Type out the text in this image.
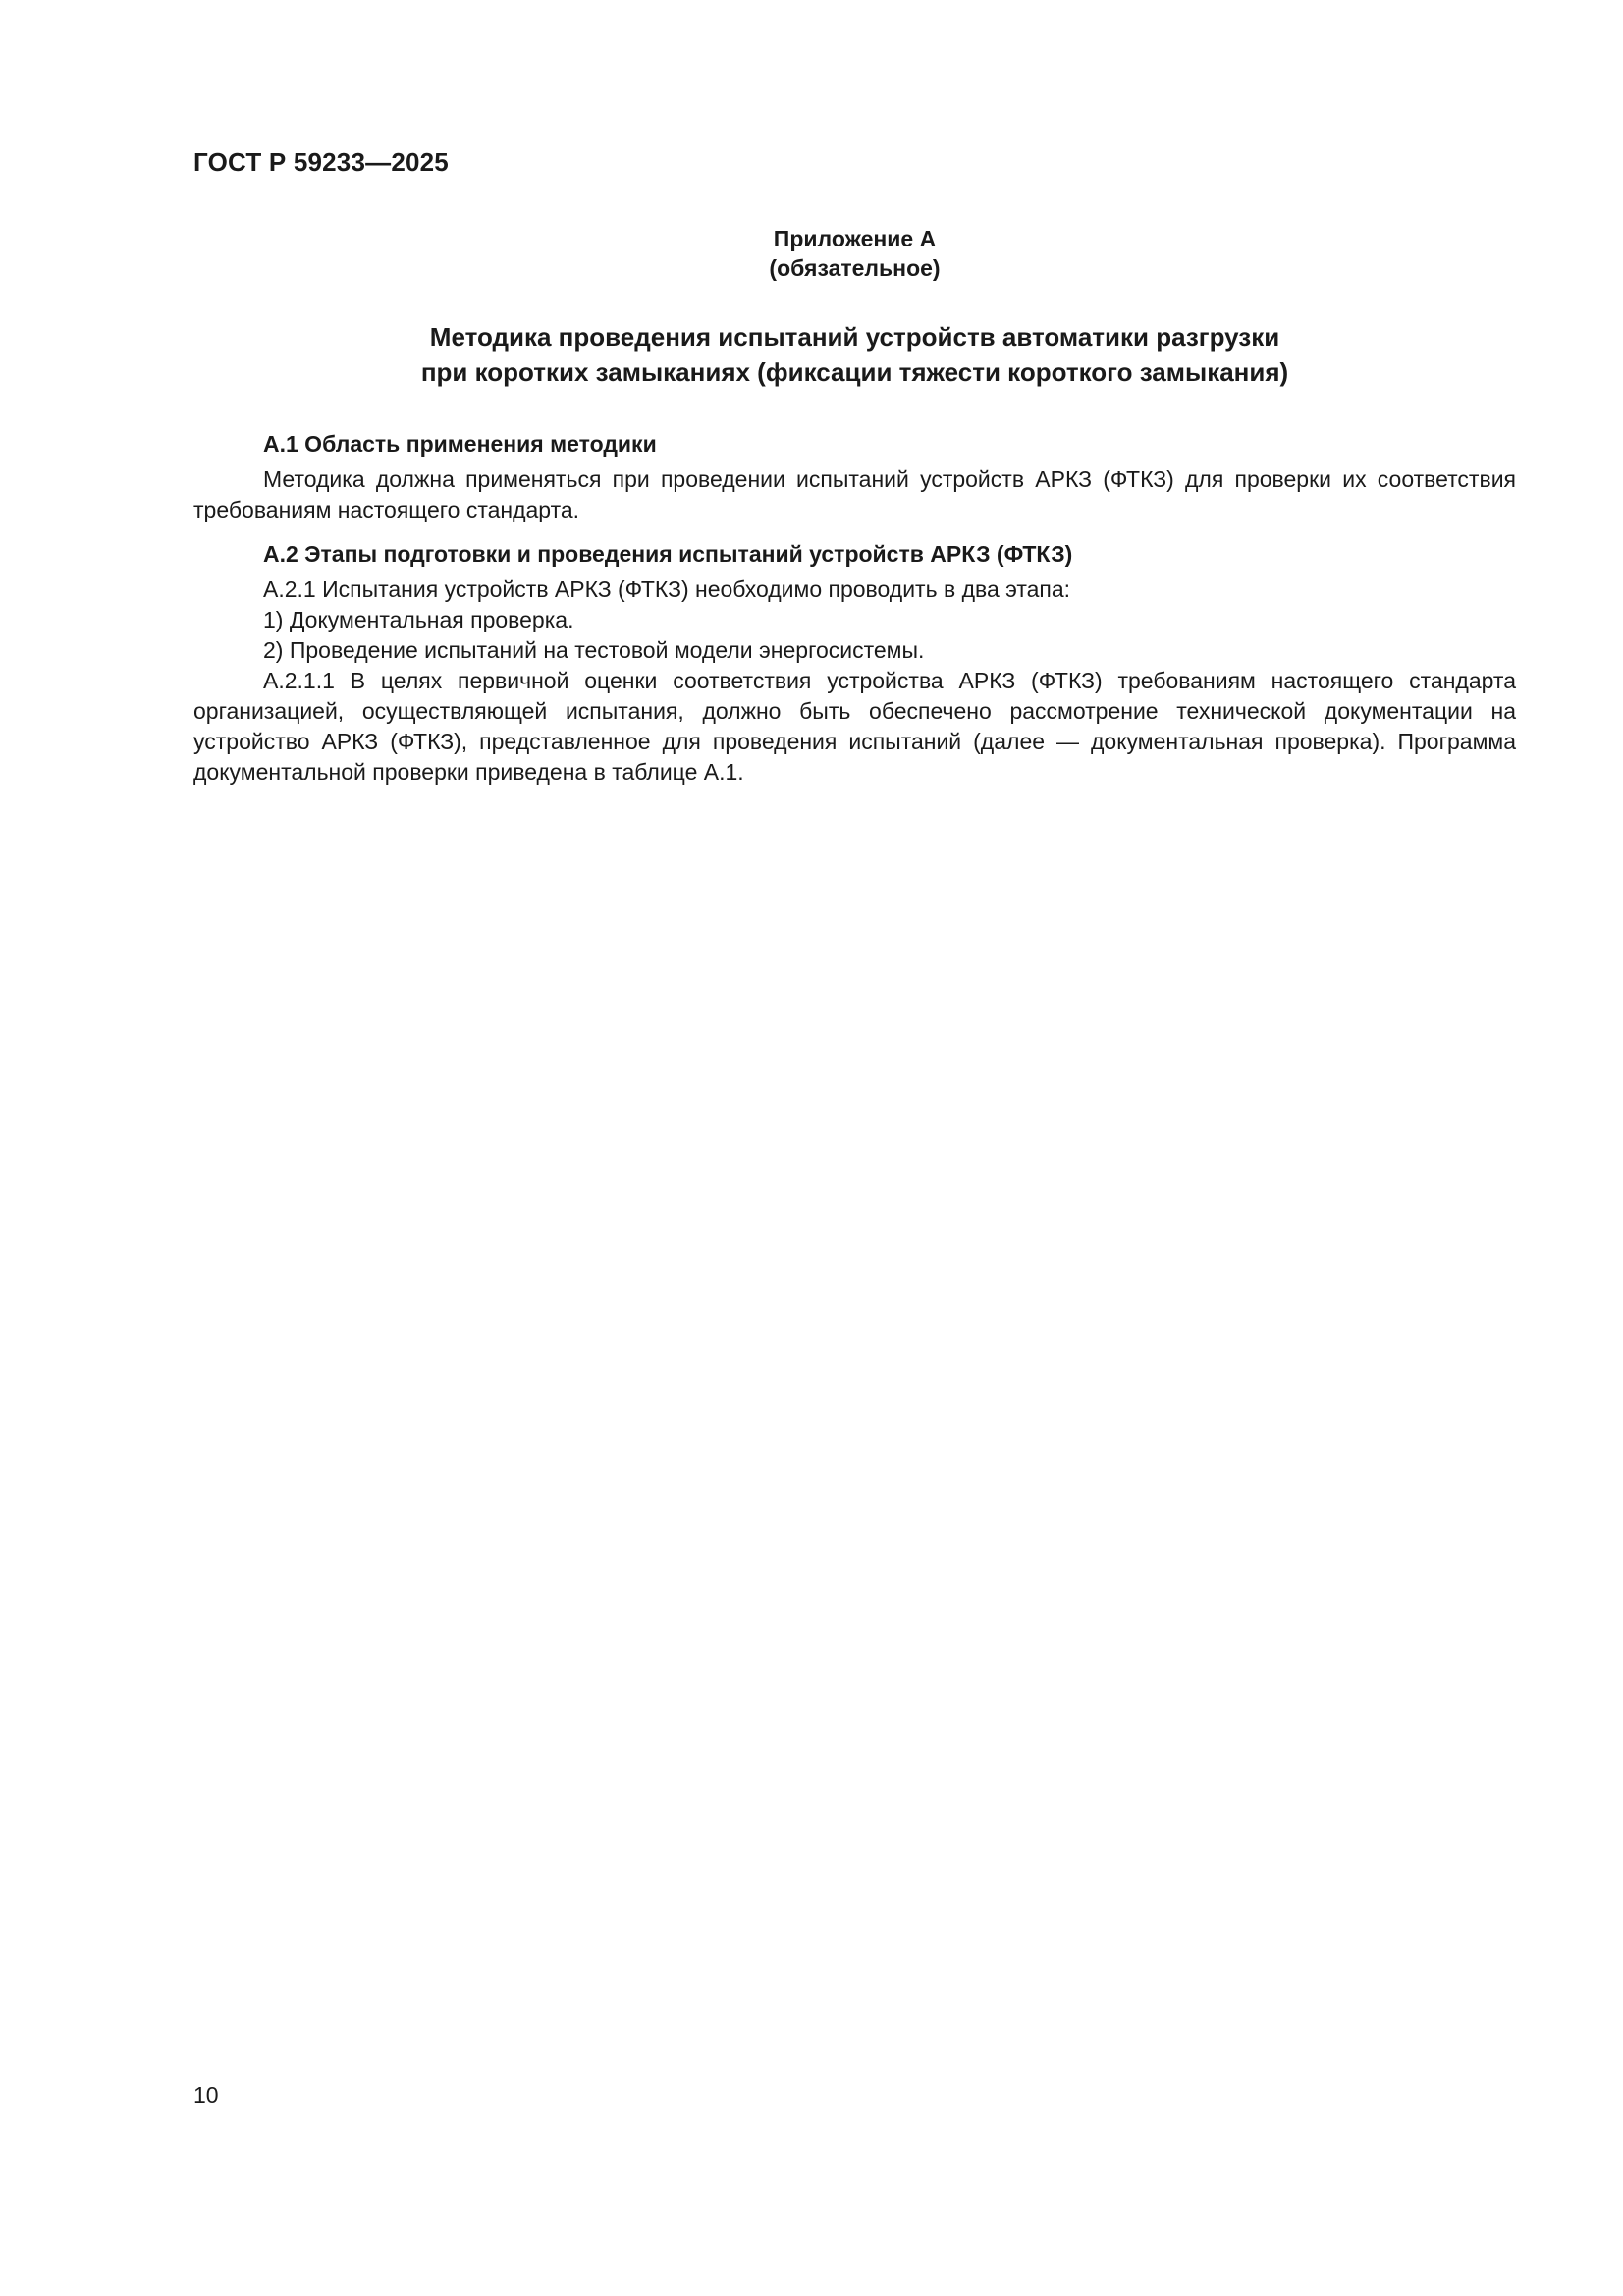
ГОСТ Р 59233—2025
Приложение А
(обязательное)
Методика проведения испытаний устройств автоматики разгрузки
при коротких замыканиях (фиксации тяжести короткого замыкания)

А.1 Область применения методики

Методика должна применяться при проведении испытаний устройств АРКЗ (ФТКЗ) для проверки их соответствия требованиям настоящего стандарта.

А.2 Этапы подготовки и проведения испытаний устройств АРКЗ (ФТКЗ)

А.2.1 Испытания устройств АРКЗ (ФТКЗ) необходимо проводить в два этапа:

1) Документальная проверка.

2) Проведение испытаний на тестовой модели энергосистемы.

А.2.1.1 В целях первичной оценки соответствия устройства АРКЗ (ФТКЗ) требованиям настоящего стандарта организацией, осуществляющей испытания, должно быть обеспечено рассмотрение технической документации на устройство АРКЗ (ФТКЗ), представленное для проведения испытаний (далее — документальная проверка). Программа документальной проверки приведена в таблице А.1.

10
